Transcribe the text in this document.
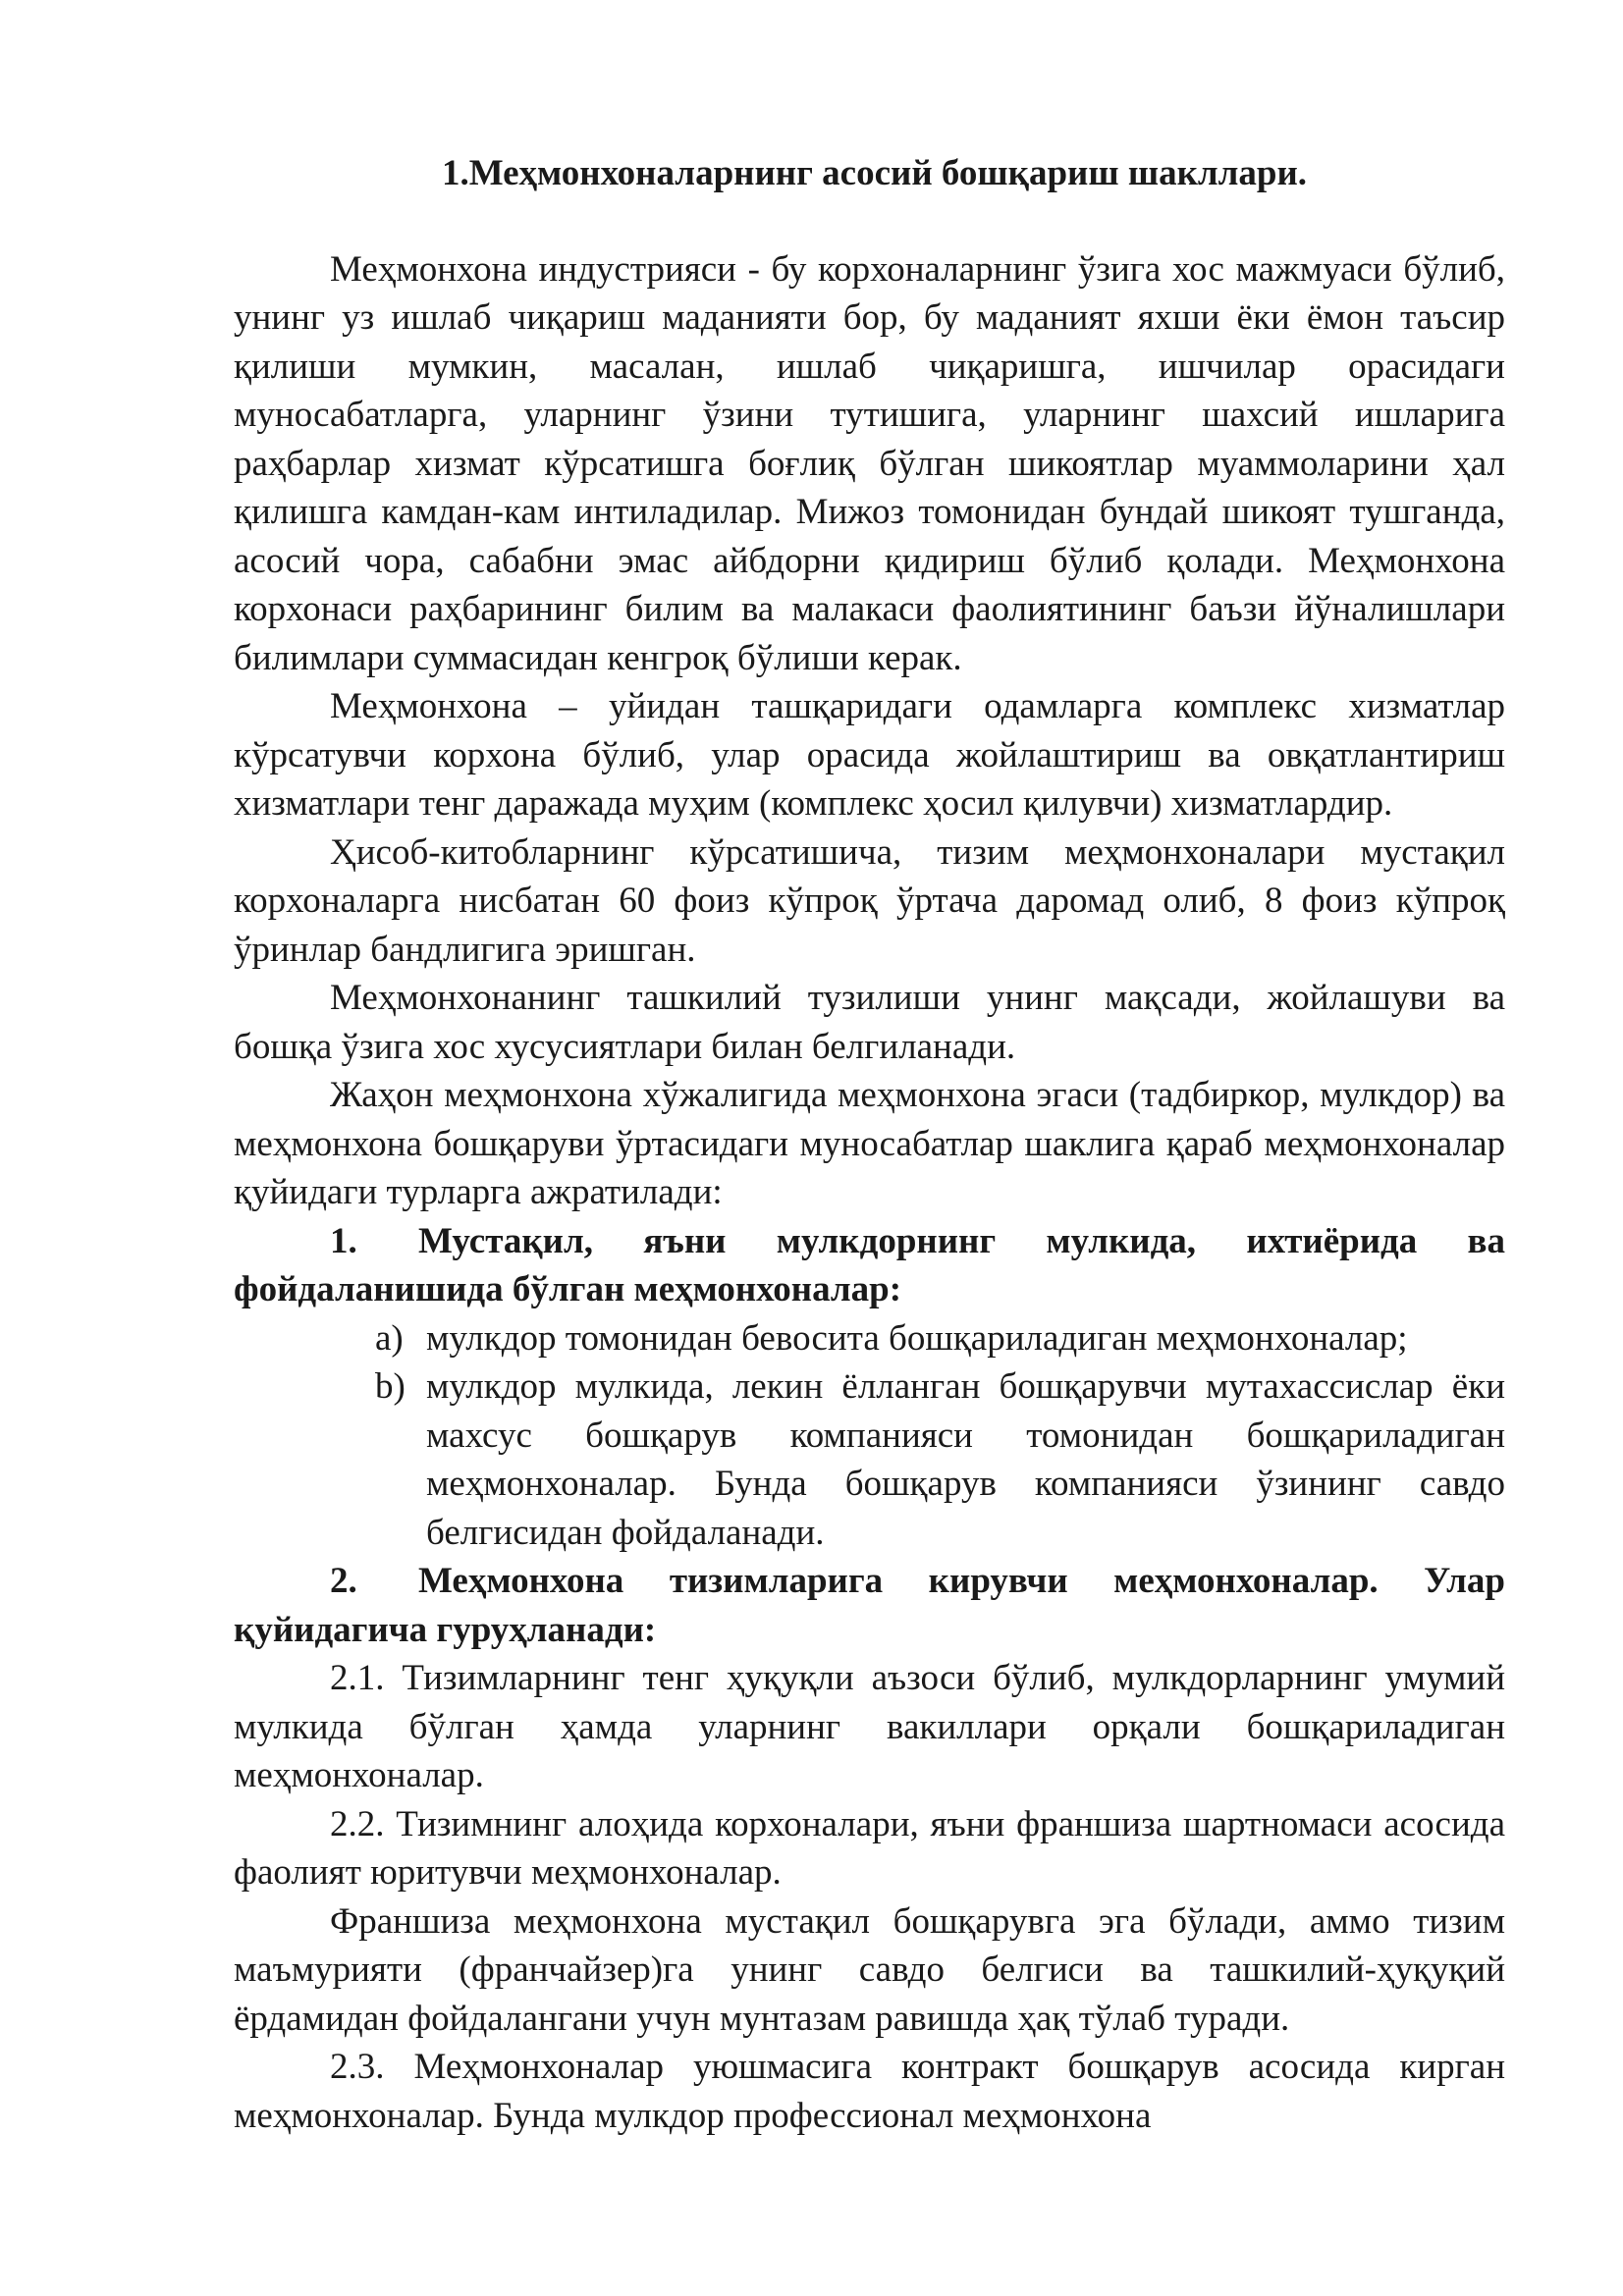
1.Меҳмонхоналарнинг асосий бошқариш шакллари.

Меҳмонхона индустрияси - бу корхоналарнинг ўзига хос мажмуаси бўлиб, унинг уз ишлаб чиқариш маданияти бор, бу маданият яхши ёки ёмон таъсир қилиши мумкин, масалан, ишлаб чиқаришга, ишчилар орасидаги муносабатларга, уларнинг ўзини тутишига, уларнинг шахсий ишларига раҳбарлар хизмат кўрсатишга боғлиқ бўлган шикоятлар муаммоларини ҳал қилишга камдан-кам интиладилар. Мижоз томонидан бундай шикоят тушганда, асосий чора, сабабни эмас айбдорни қидириш бўлиб қолади. Меҳмонхона корхонаси раҳбарининг билим ва малакаси фаолиятининг баъзи йўналишлари билимлари суммасидан кенгроқ бўлиши керак.

Меҳмонхона – уйидан ташқаридаги одамларга комплекс хизматлар кўрсатувчи корхона бўлиб, улар орасида жойлаштириш ва овқатлантириш хизматлари тенг даражада муҳим (комплекс ҳосил қилувчи) хизматлардир.

Ҳисоб-китобларнинг кўрсатишича, тизим меҳмонхоналари мустақил корхоналарга нисбатан 60 фоиз кўпроқ ўртача даромад олиб, 8 фоиз кўпроқ ўринлар бандлигига эришган.

Меҳмонхонанинг ташкилий тузилиши унинг мақсади, жойлашуви ва бошқа ўзига хос хусусиятлари билан белгиланади.

Жаҳон меҳмонхона хўжалигида меҳмонхона эгаси (тадбиркор, мулкдор) ва меҳмонхона бошқаруви ўртасидаги муносабатлар шаклига қараб меҳмонхоналар қуйидаги турларга ажратилади:

1. Мустақил, яъни мулкдорнинг мулкида, ихтиёрида ва фойдаланишида бўлган меҳмонхоналар:

a) мулкдор томонидан бевосита бошқариладиган меҳмонхоналар;
b) мулкдор мулкида, лекин ёлланган бошқарувчи мутахассислар ёки махсус бошқарув компанияси томонидан бошқариладиган меҳмонхоналар. Бунда бошқарув компанияси ўзининг савдо белгисидан фойдаланади.

2. Меҳмонхона тизимларига кирувчи меҳмонхоналар. Улар қуйидагича гуруҳланади:

2.1. Тизимларнинг тенг ҳуқуқли аъзоси бўлиб, мулкдорларнинг умумий мулкида бўлган ҳамда уларнинг вакиллари орқали бошқариладиган меҳмонхоналар.

2.2. Тизимнинг алоҳида корхоналари, яъни франшиза шартномаси асосида фаолият юритувчи меҳмонхоналар.

Франшиза меҳмонхона мустақил бошқарувга эга бўлади, аммо тизим маъмурияти (франчайзер)га унинг савдо белгиси ва ташкилий-ҳуқуқий ёрдамидан фойдалангани учун мунтазам равишда ҳақ тўлаб туради.

2.3. Меҳмонхоналар уюшмасига контракт бошқарув асосида кирган меҳмонхоналар. Бунда мулкдор профессионал меҳмонхона
